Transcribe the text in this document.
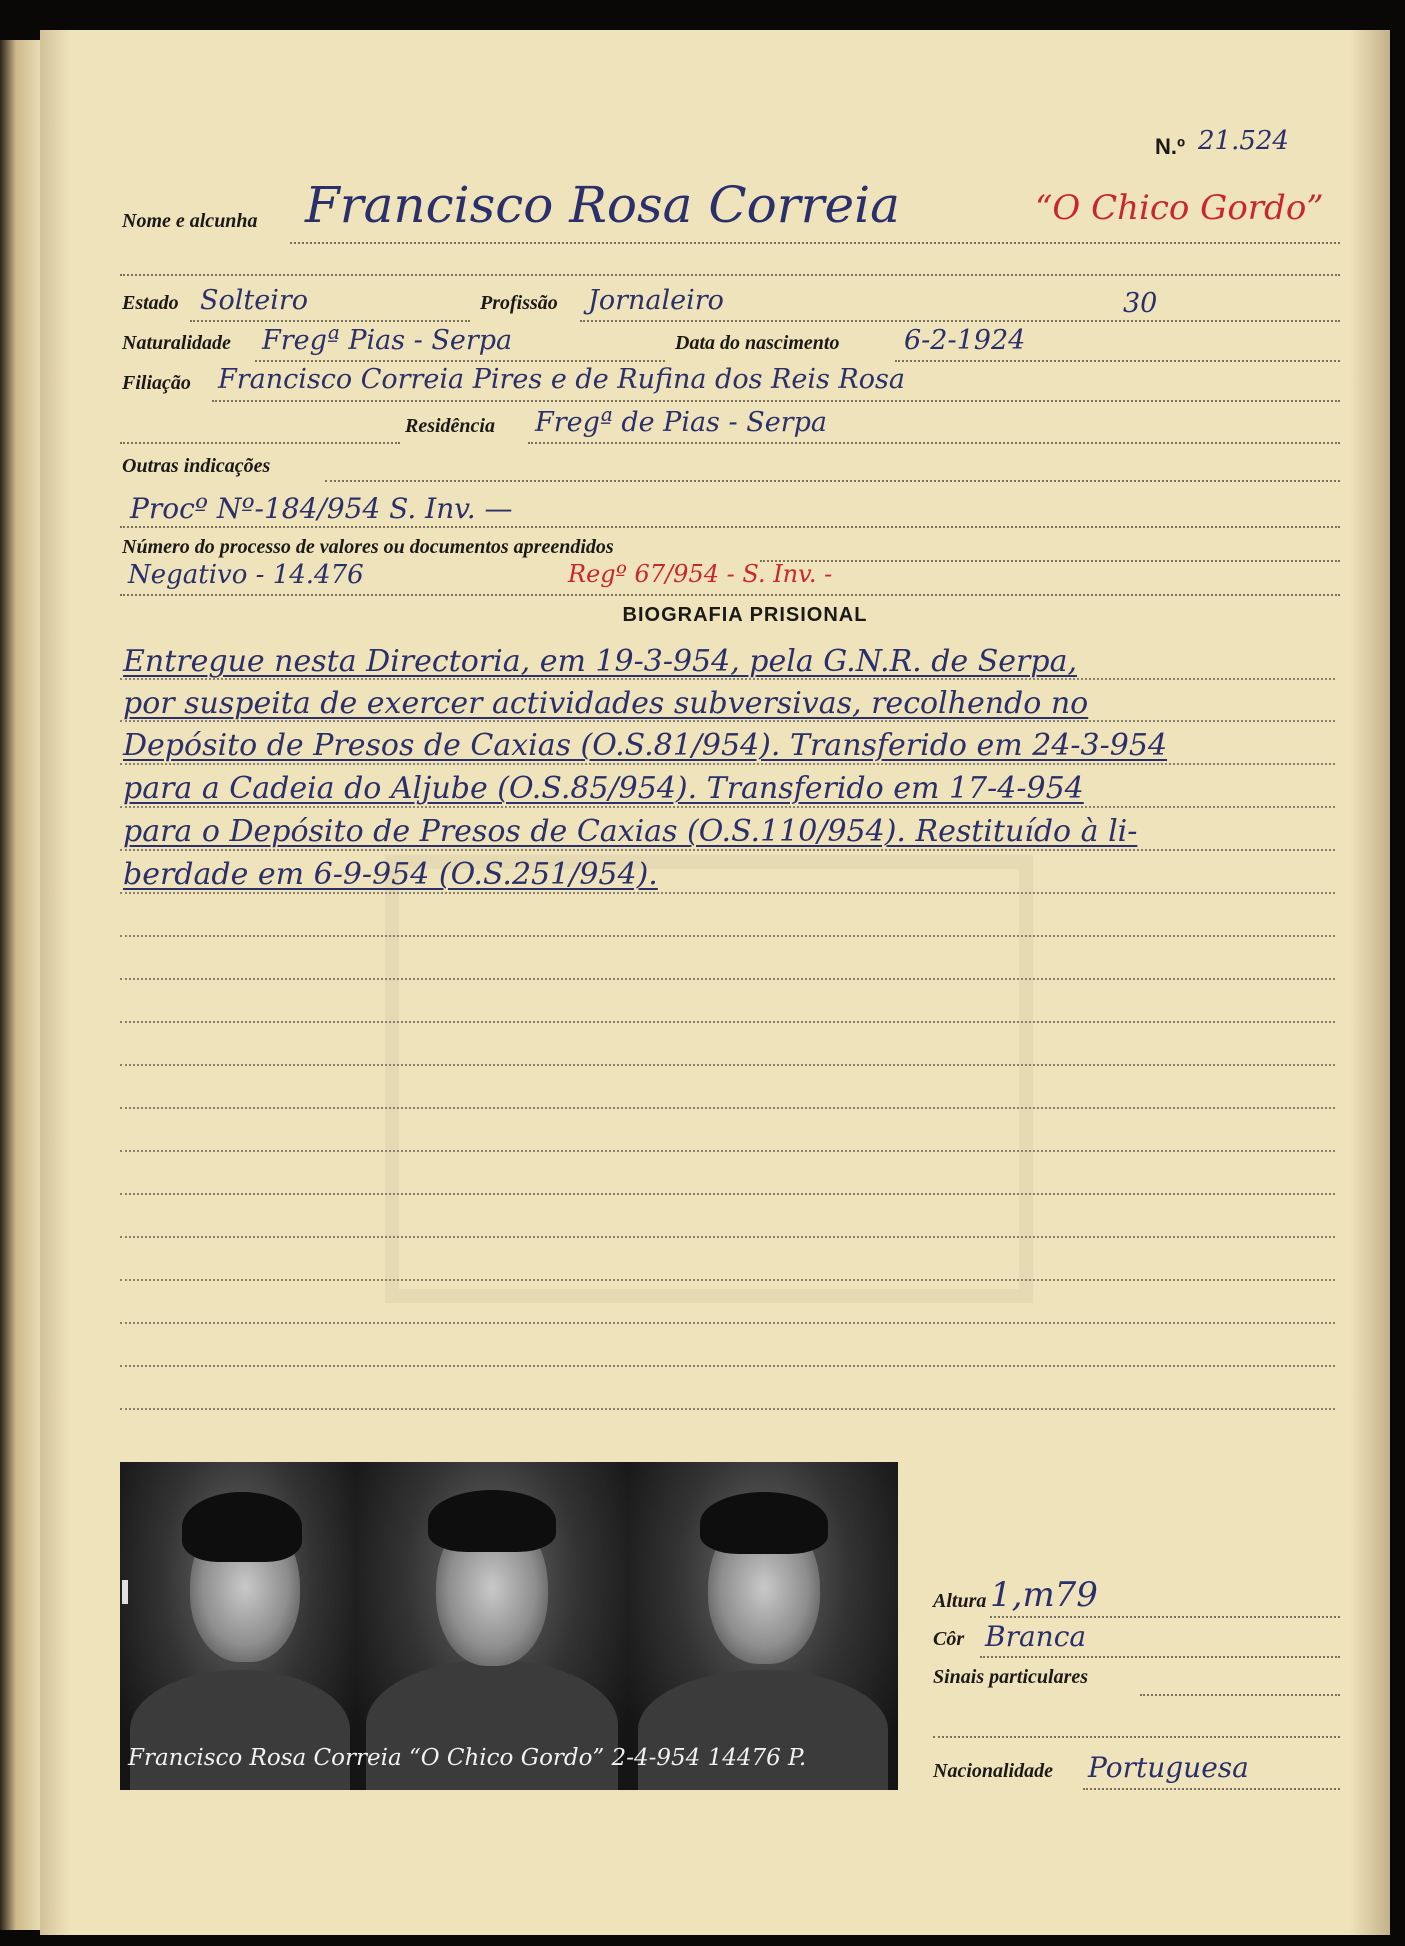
N.º 21.524
Nome e alcunha Francisco Rosa Correia	“O Chico Gordo”
Estado Solteiro	Profissão Jornaleiro	30
Naturalidade Fregª Pias - Serpa	Data do nascimento 6-2-1924
Filiação Francisco Correia Pires e de Rufina dos Reis Rosa
Residência Fregª de Pias - Serpa
Outras indicações
Procº Nº-184/954 S. Inv. —
Número do processo de valores ou documentos apreendidos
Negativo - 14.476	Regº 67/954 - S. Inv. -
BIOGRAFIA PRISIONAL
Entregue nesta Directoria, em 19-3-954, pela G.N.R. de Serpa,
por suspeita de exercer actividades subversivas, recolhendo no
Depósito de Presos de Caxias (O.S.81/954). Transferido em 24-3-954
para a Cadeia do Aljube (O.S.85/954). Transferido em 17-4-954
para o Depósito de Presos de Caxias (O.S.110/954). Restituído à li-
berdade em 6-9-954 (O.S.251/954).
Francisco Rosa Correia “O Chico Gordo” 2-4-954 14476 P.
Altura 1,m79
Côr Branca
Sinais particulares
Nacionalidade Portuguesa
